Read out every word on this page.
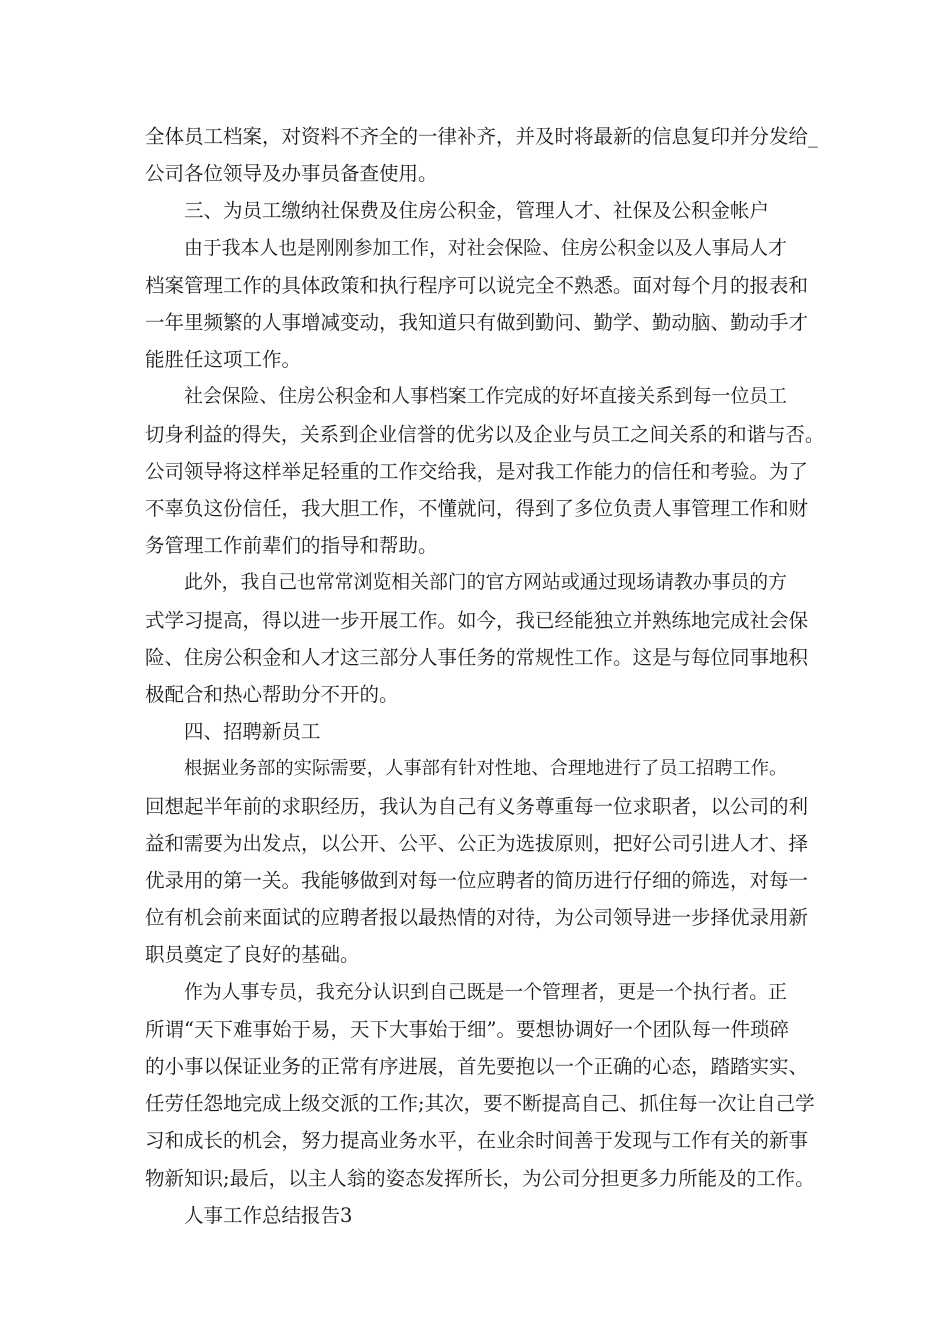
全体员工档案，对资料不齐全的一律补齐，并及时将最新的信息复印并分发给_

公司各位领导及办事员备查使用。

三、为员工缴纳社保费及住房公积金，管理人才、社保及公积金帐户

由于我本人也是刚刚参加工作，对社会保险、住房公积金以及人事局人才

档案管理工作的具体政策和执行程序可以说完全不熟悉。面对每个月的报表和

一年里频繁的人事增减变动，我知道只有做到勤问、勤学、勤动脑、勤动手才

能胜任这项工作。

社会保险、住房公积金和人事档案工作完成的好坏直接关系到每一位员工

切身利益的得失，关系到企业信誉的优劣以及企业与员工之间关系的和谐与否。

公司领导将这样举足轻重的工作交给我，是对我工作能力的信任和考验。为了

不辜负这份信任，我大胆工作，不懂就问，得到了多位负责人事管理工作和财

务管理工作前辈们的指导和帮助。

此外，我自己也常常浏览相关部门的官方网站或通过现场请教办事员的方

式学习提高，得以进一步开展工作。如今，我已经能独立并熟练地完成社会保

险、住房公积金和人才这三部分人事任务的常规性工作。这是与每位同事地积

极配合和热心帮助分不开的。

四、招聘新员工

根据业务部的实际需要，人事部有针对性地、合理地进行了员工招聘工作。

回想起半年前的求职经历，我认为自己有义务尊重每一位求职者，以公司的利

益和需要为出发点，以公开、公平、公正为选拔原则，把好公司引进人才、择

优录用的第一关。我能够做到对每一位应聘者的简历进行仔细的筛选，对每一

位有机会前来面试的应聘者报以最热情的对待，为公司领导进一步择优录用新

职员奠定了良好的基础。

作为人事专员，我充分认识到自己既是一个管理者，更是一个执行者。正

所谓“天下难事始于易，天下大事始于细”。要想协调好一个团队每一件琐碎

的小事以保证业务的正常有序进展，首先要抱以一个正确的心态，踏踏实实、

任劳任怨地完成上级交派的工作;其次，要不断提高自己、抓住每一次让自己学

习和成长的机会，努力提高业务水平，在业余时间善于发现与工作有关的新事

物新知识;最后，以主人翁的姿态发挥所长，为公司分担更多力所能及的工作。

人事工作总结报告3
